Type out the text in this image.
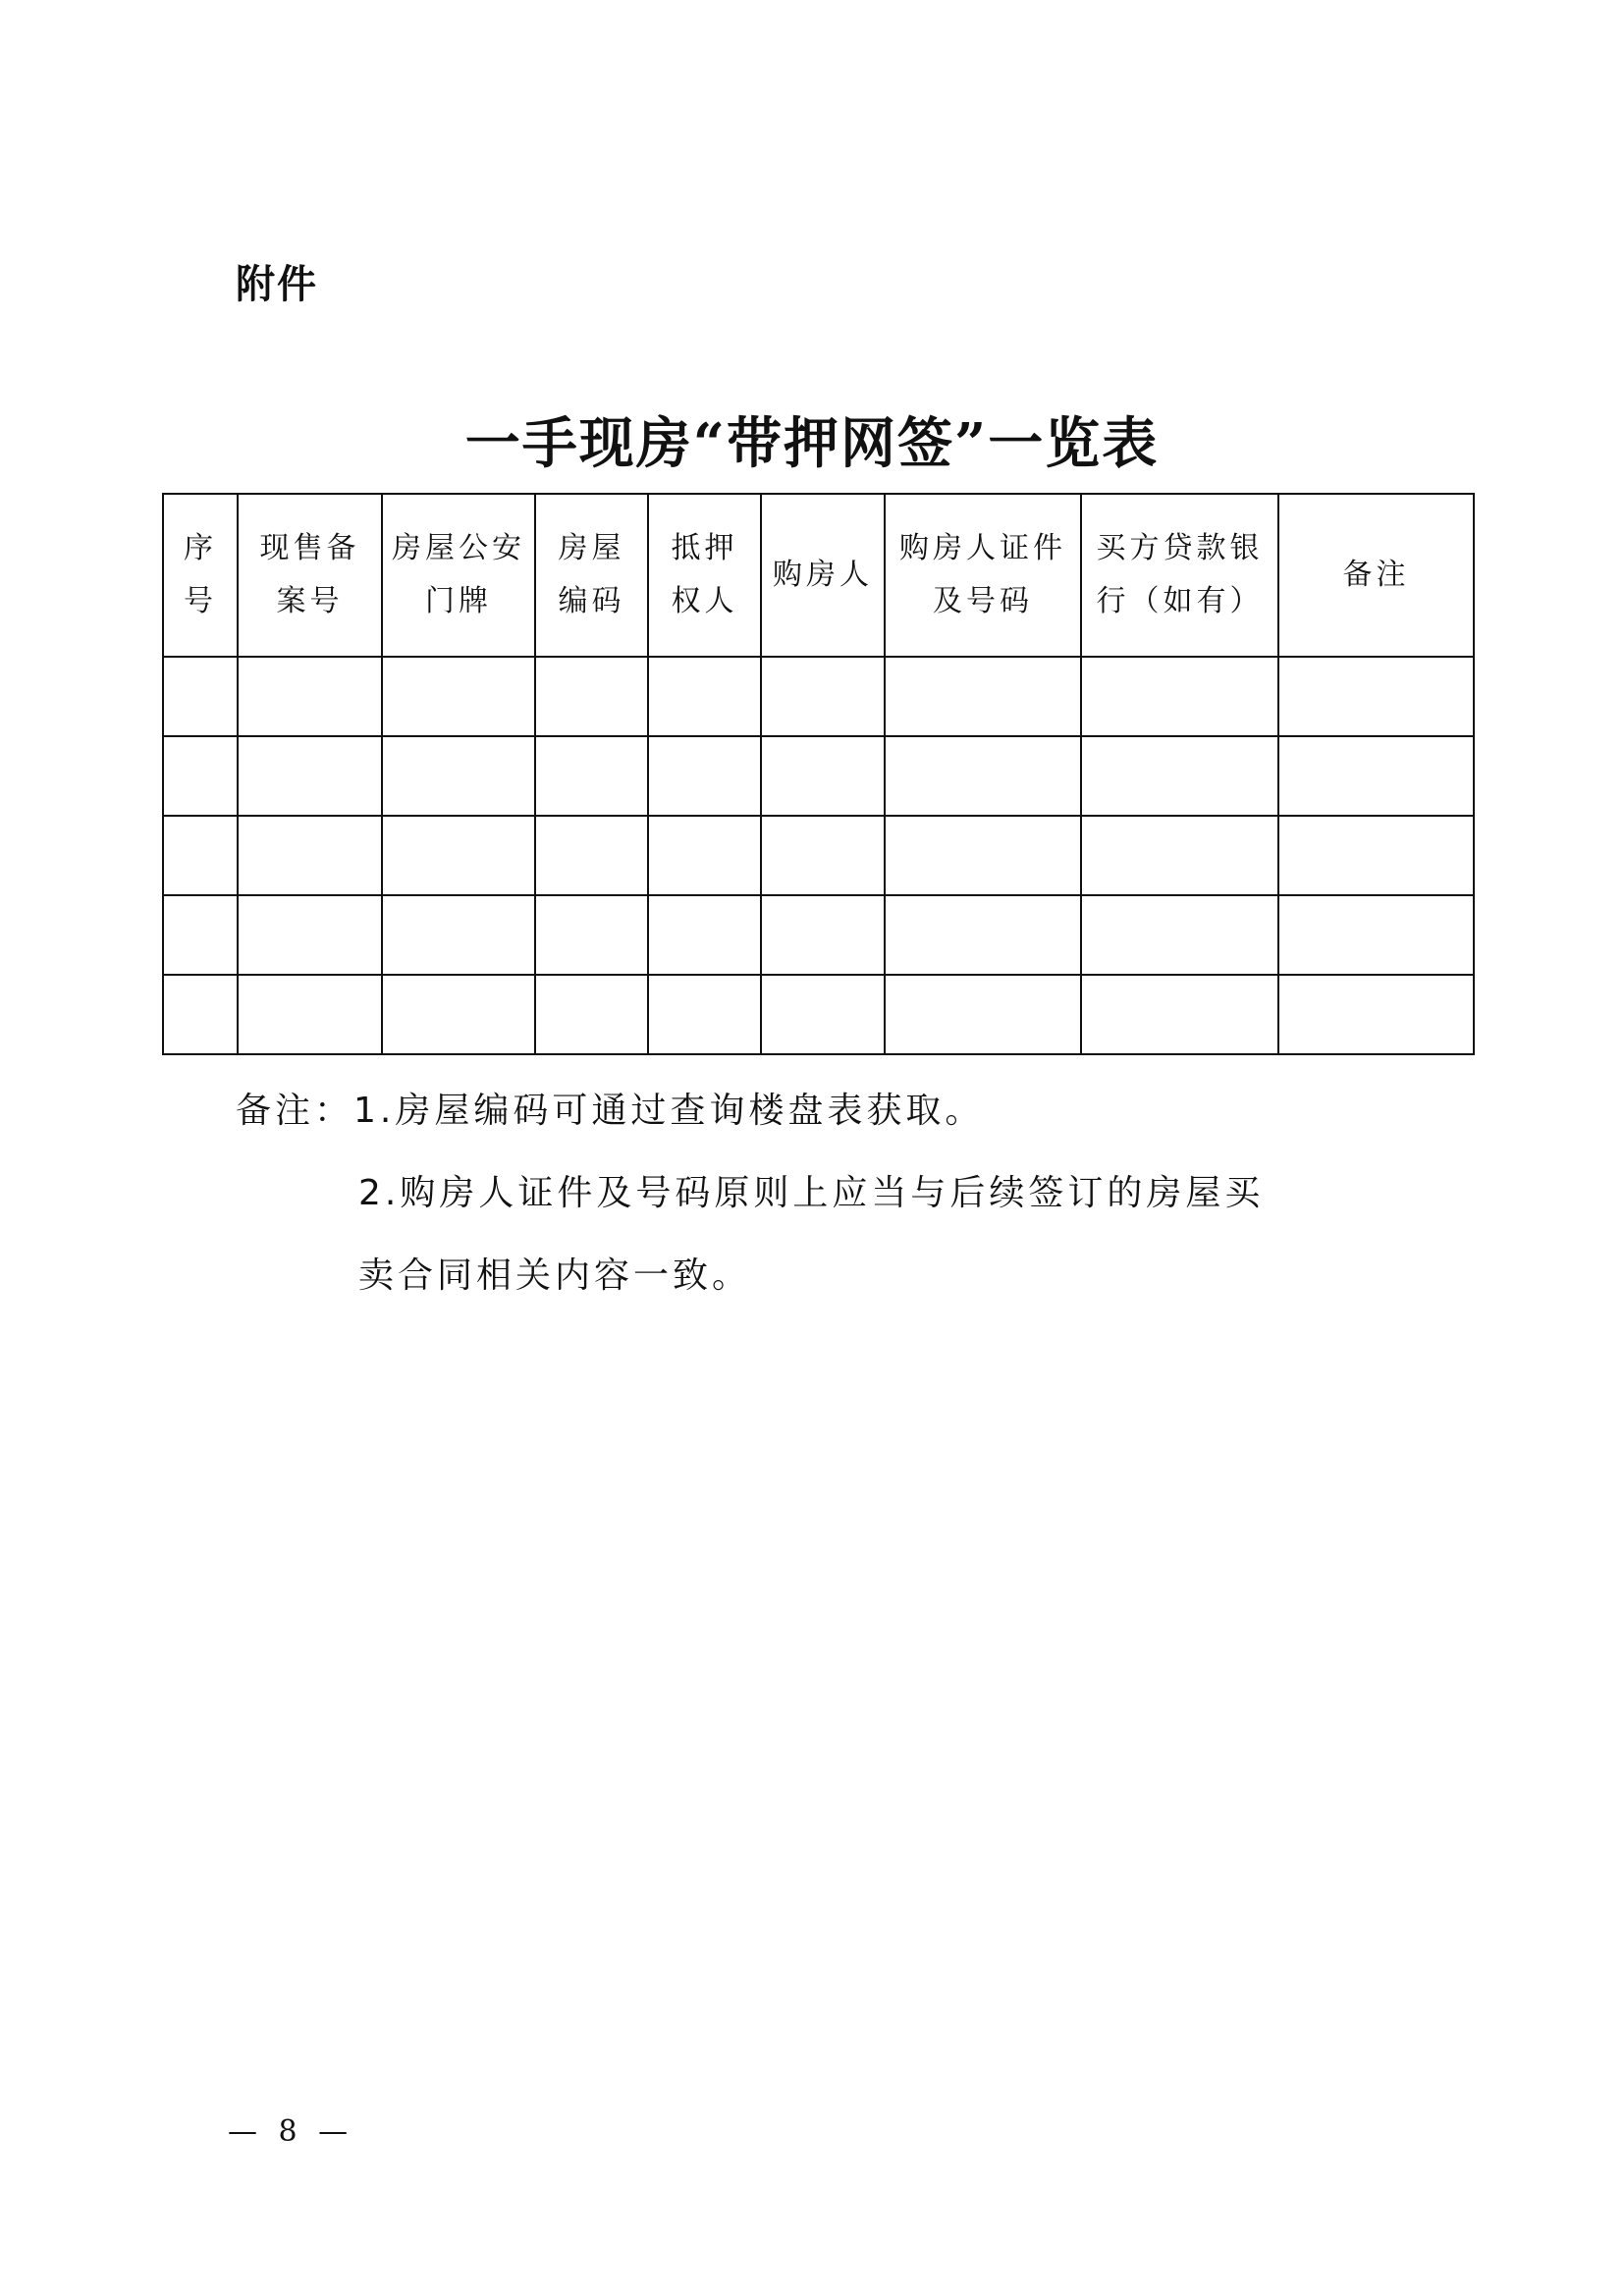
附件
一手现房“带押网签”一览表
序号	现售备案号	房屋公安门牌	房屋编码	抵押权人	购房人	购房人证件及号码	买方贷款银行（如有）	备注

备注：1.房屋编码可通过查询楼盘表获取。
2.购房人证件及号码原则上应当与后续签订的房屋买
卖合同相关内容一致。
— 8 —
